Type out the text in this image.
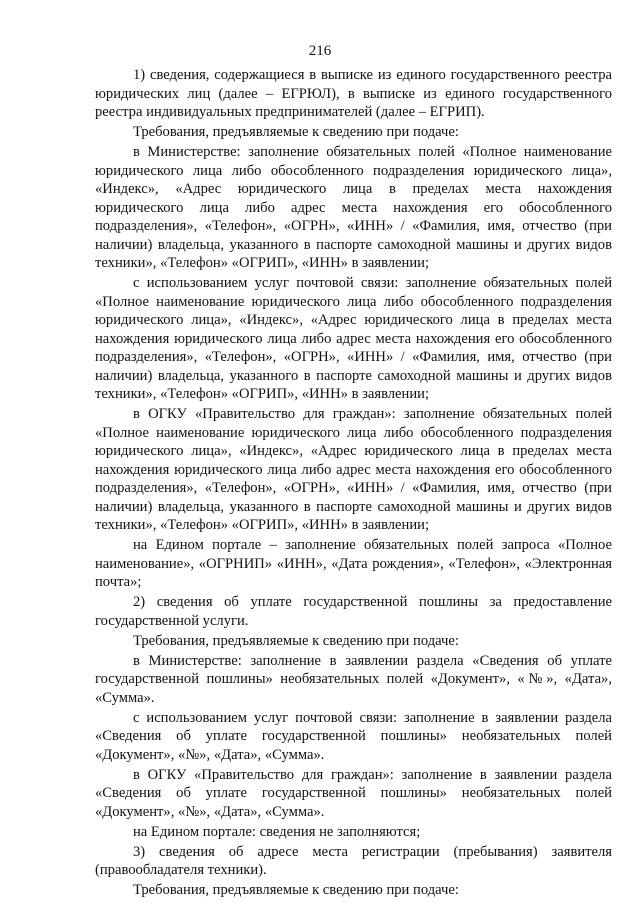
216

1) сведения, содержащиеся в выписке из единого государственного реестра юридических лиц (далее – ЕГРЮЛ), в выписке из единого государственного реестра индивидуальных предпринимателей (далее – ЕГРИП).

Требования, предъявляемые к сведению при подаче:

в Министерстве: заполнение обязательных полей «Полное наименование юридического лица либо обособленного подразделения юридического лица», «Индекс», «Адрес юридического лица в пределах места нахождения юридического лица либо адрес места нахождения его обособленного подразделения», «Телефон», «ОГРН», «ИНН» / «Фамилия, имя, отчество (при наличии) владельца, указанного в паспорте самоходной машины и других видов техники», «Телефон» «ОГРИП», «ИНН» в заявлении;

с использованием услуг почтовой связи: заполнение обязательных полей «Полное наименование юридического лица либо обособленного подразделения юридического лица», «Индекс», «Адрес юридического лица в пределах места нахождения юридического лица либо адрес места нахождения его обособленного подразделения», «Телефон», «ОГРН», «ИНН» / «Фамилия, имя, отчество (при наличии) владельца, указанного в паспорте самоходной машины и других видов техники», «Телефон» «ОГРИП», «ИНН» в заявлении;

в ОГКУ «Правительство для граждан»: заполнение обязательных полей «Полное наименование юридического лица либо обособленного подразделения юридического лица», «Индекс», «Адрес юридического лица в пределах места нахождения юридического лица либо адрес места нахождения его обособленного подразделения», «Телефон», «ОГРН», «ИНН» / «Фамилия, имя, отчество (при наличии) владельца, указанного в паспорте самоходной машины и других видов техники», «Телефон» «ОГРИП», «ИНН» в заявлении;

на Едином портале – заполнение обязательных полей запроса «Полное наименование», «ОГРНИП» «ИНН», «Дата рождения», «Телефон», «Электронная почта»;

2) сведения об уплате государственной пошлины за предоставление государственной услуги.

Требования, предъявляемые к сведению при подаче:

в Министерстве: заполнение в заявлении раздела «Сведения об уплате государственной пошлины» необязательных полей «Документ», «№», «Дата», «Сумма».

с использованием услуг почтовой связи: заполнение в заявлении раздела «Сведения об уплате государственной пошлины» необязательных полей «Документ», «№», «Дата», «Сумма».

в ОГКУ «Правительство для граждан»: заполнение в заявлении раздела «Сведения об уплате государственной пошлины» необязательных полей «Документ», «№», «Дата», «Сумма».

на Едином портале: сведения не заполняются;

3) сведения об адресе места регистрации (пребывания) заявителя (правообладателя техники).

Требования, предъявляемые к сведению при подаче:
